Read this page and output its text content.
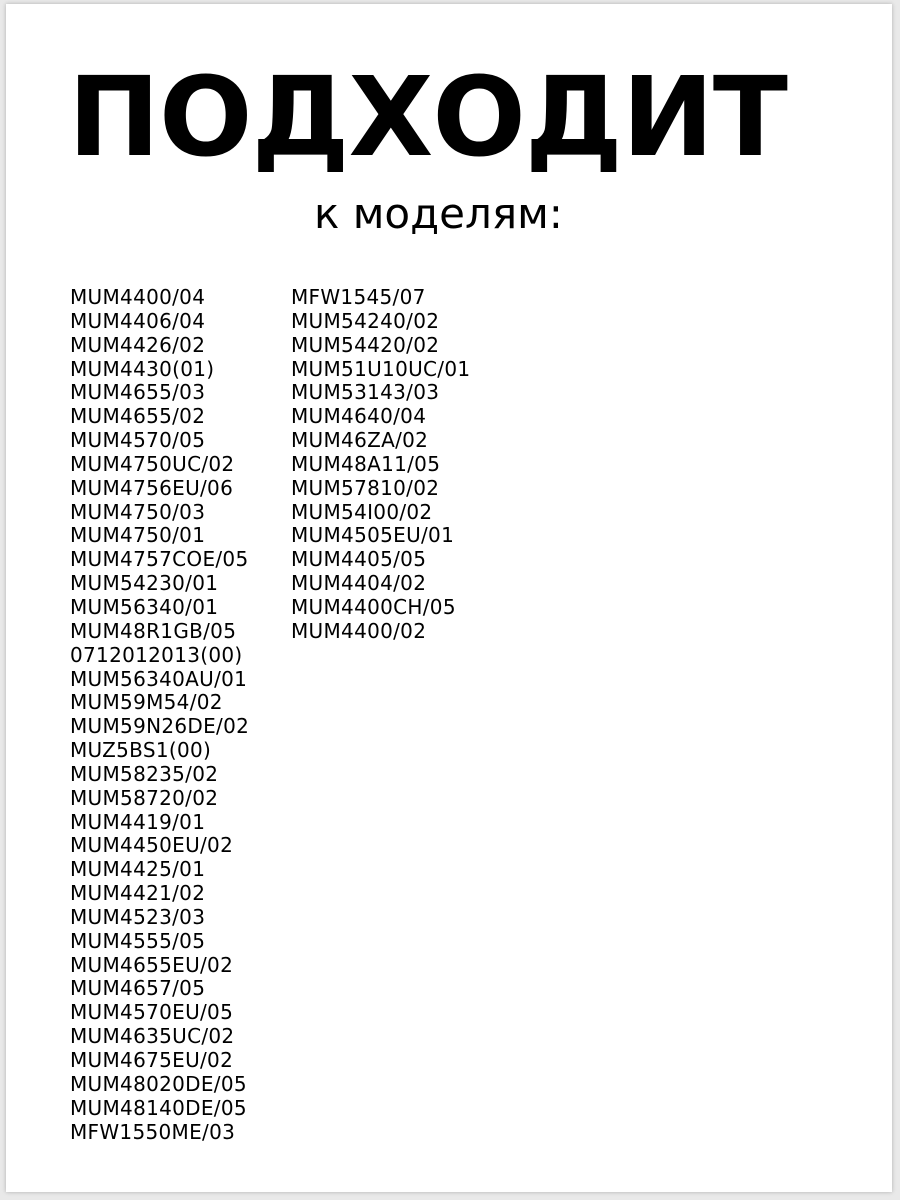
ПОДХОДИТ
к моделям:
MUM4400/04
MUM4406/04
MUM4426/02
MUM4430(01)
MUM4655/03
MUM4655/02
MUM4570/05
MUM4750UC/02
MUM4756EU/06
MUM4750/03
MUM4750/01
MUM4757COE/05
MUM54230/01
MUM56340/01
MUM48R1GB/05
0712012013(00)
MUM56340AU/01
MUM59M54/02
MUM59N26DE/02
MUZ5BS1(00)
MUM58235/02
MUM58720/02
MUM4419/01
MUM4450EU/02
MUM4425/01
MUM4421/02
MUM4523/03
MUM4555/05
MUM4655EU/02
MUM4657/05
MUM4570EU/05
MUM4635UC/02
MUM4675EU/02
MUM48020DE/05
MUM48140DE/05
MFW1550ME/03
MFW1545/07
MUM54240/02
MUM54420/02
MUM51U10UC/01
MUM53143/03
MUM4640/04
MUM46ZA/02
MUM48A11/05
MUM57810/02
MUM54I00/02
MUM4505EU/01
MUM4405/05
MUM4404/02
MUM4400CH/05
MUM4400/02
